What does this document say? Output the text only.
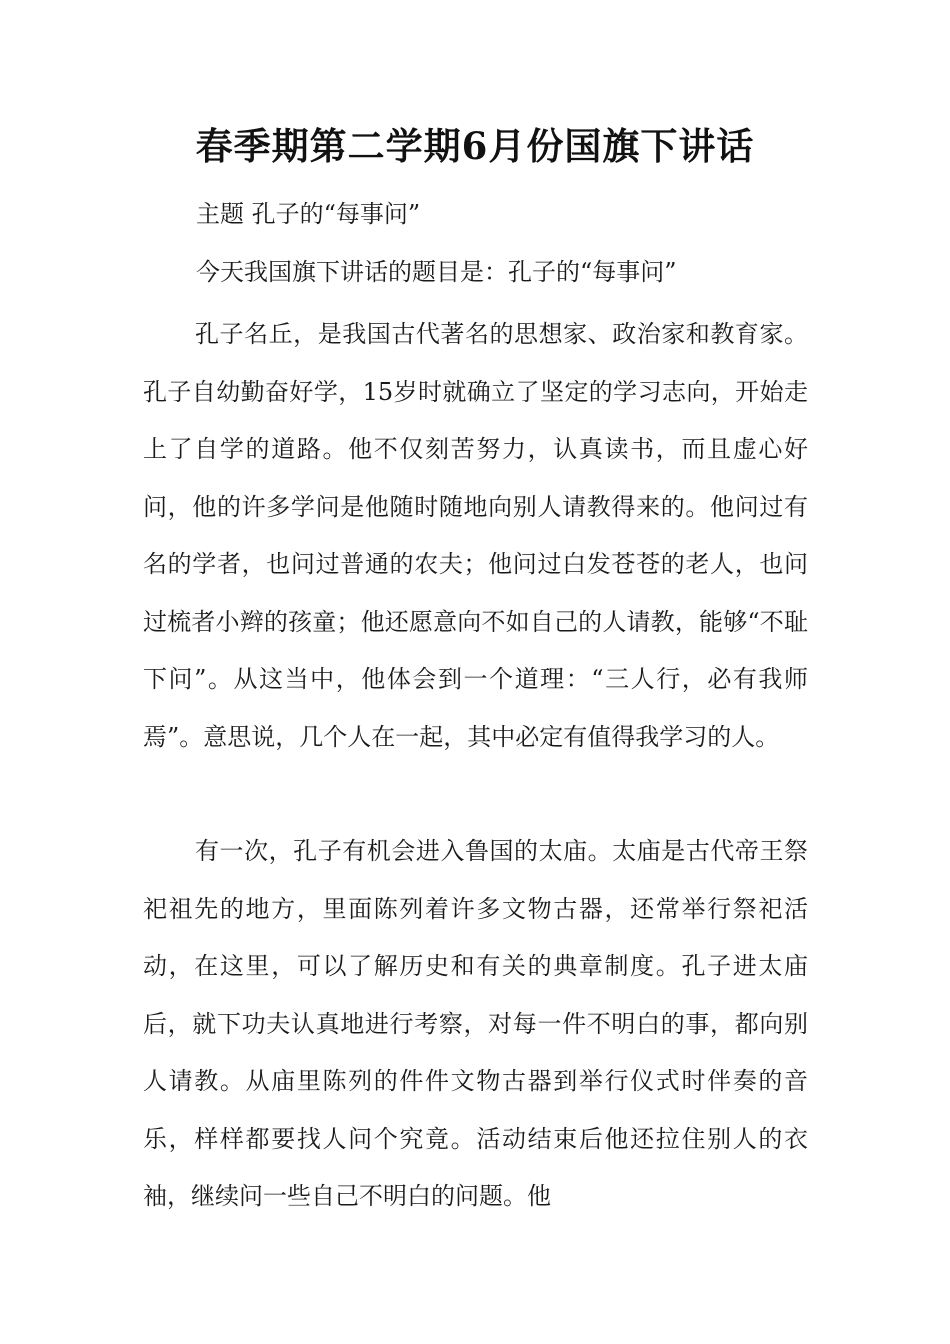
春季期第二学期6月份国旗下讲话
主题 孔子的“每事问”
今天我国旗下讲话的题目是：孔子的“每事问”

孔子名丘，是我国古代著名的思想家、政治家和教育家。孔子自幼勤奋好学，15岁时就确立了坚定的学习志向，开始走上了自学的道路。他不仅刻苦努力，认真读书，而且虚心好问，他的许多学问是他随时随地向别人请教得来的。他问过有名的学者，也问过普通的农夫；他问过白发苍苍的老人，也问过梳者小辫的孩童；他还愿意向不如自己的人请教，能够“不耻下问”。从这当中，他体会到一个道理：“三人行，必有我师焉”。意思说，几个人在一起，其中必定有值得我学习的人。

有一次，孔子有机会进入鲁国的太庙。太庙是古代帝王祭祀祖先的地方，里面陈列着许多文物古器，还常举行祭祀活动，在这里，可以了解历史和有关的典章制度。孔子进太庙后，就下功夫认真地进行考察，对每一件不明白的事，都向别人请教。从庙里陈列的件件文物古器到举行仪式时伴奏的音乐，样样都要找人问个究竟。活动结束后他还拉住别人的衣袖，继续问一些自己不明白的问题。他
